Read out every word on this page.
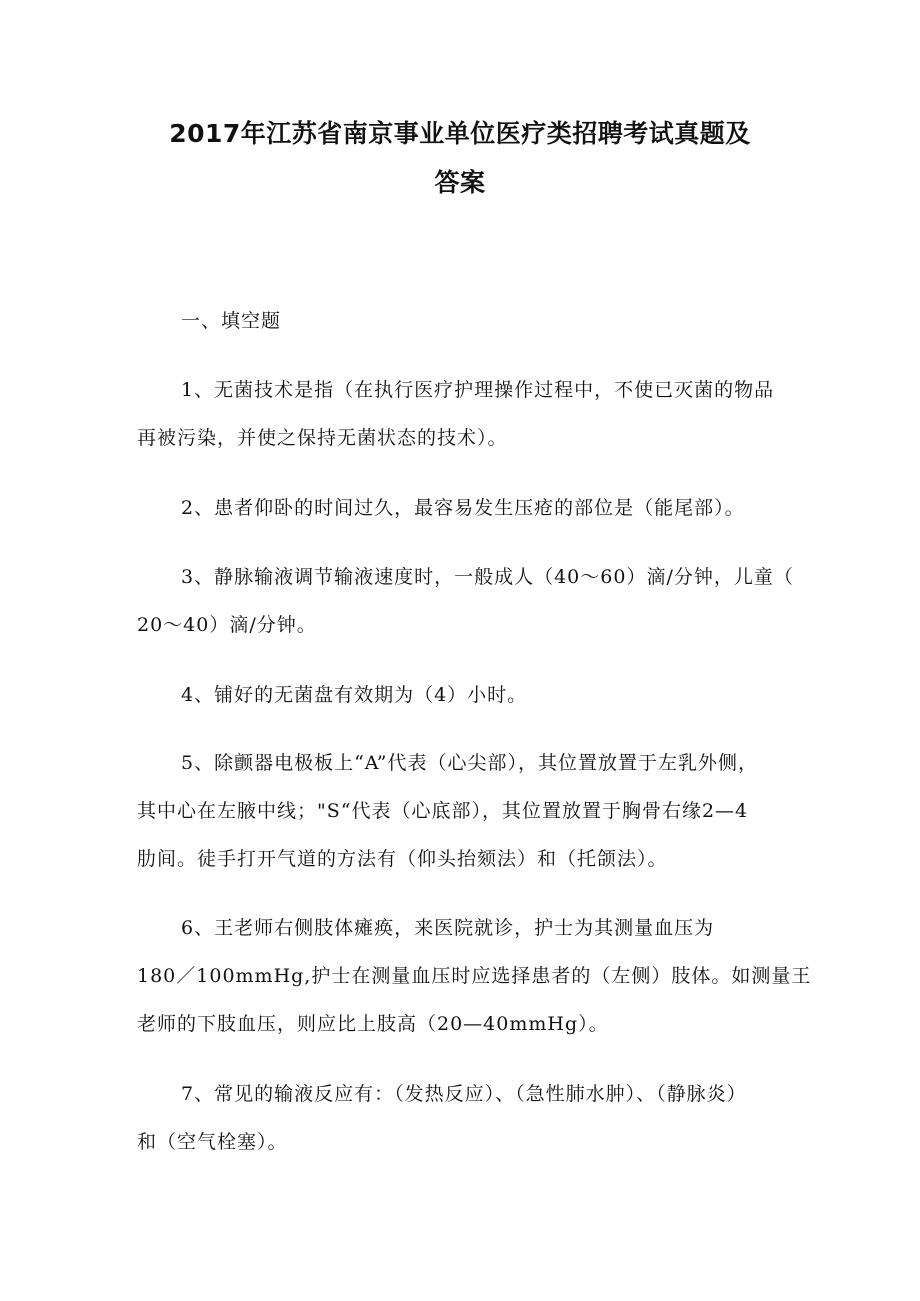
2017年江苏省南京事业单位医疗类招聘考试真题及
答案

一、填空题

1、无菌技术是指（在执行医疗护理操作过程中，不使已灭菌的物品
再被污染，并使之保持无菌状态的技术）。

2、患者仰卧的时间过久，最容易发生压疮的部位是（能尾部）。

3、静脉输液调节输液速度时，一般成人（40～60）滴/分钟，儿童（
20～40）滴/分钟。

4、铺好的无菌盘有效期为（4）小时。

5、除颤器电极板上“A”代表（心尖部），其位置放置于左乳外侧，
其中心在左腋中线；"S“代表（心底部），其位置放置于胸骨右缘2—4
肋间。徒手打开气道的方法有（仰头抬颏法）和（托颌法）。

6、王老师右侧肢体瘫痪，来医院就诊，护士为其测量血压为
180／100mmHg,护士在测量血压时应选择患者的（左侧）肢体。如测量王
老师的下肢血压，则应比上肢高（20—40mmHg）。

7、常见的输液反应有：（发热反应）、（急性肺水肿）、（静脉炎）
和（空气栓塞）。
